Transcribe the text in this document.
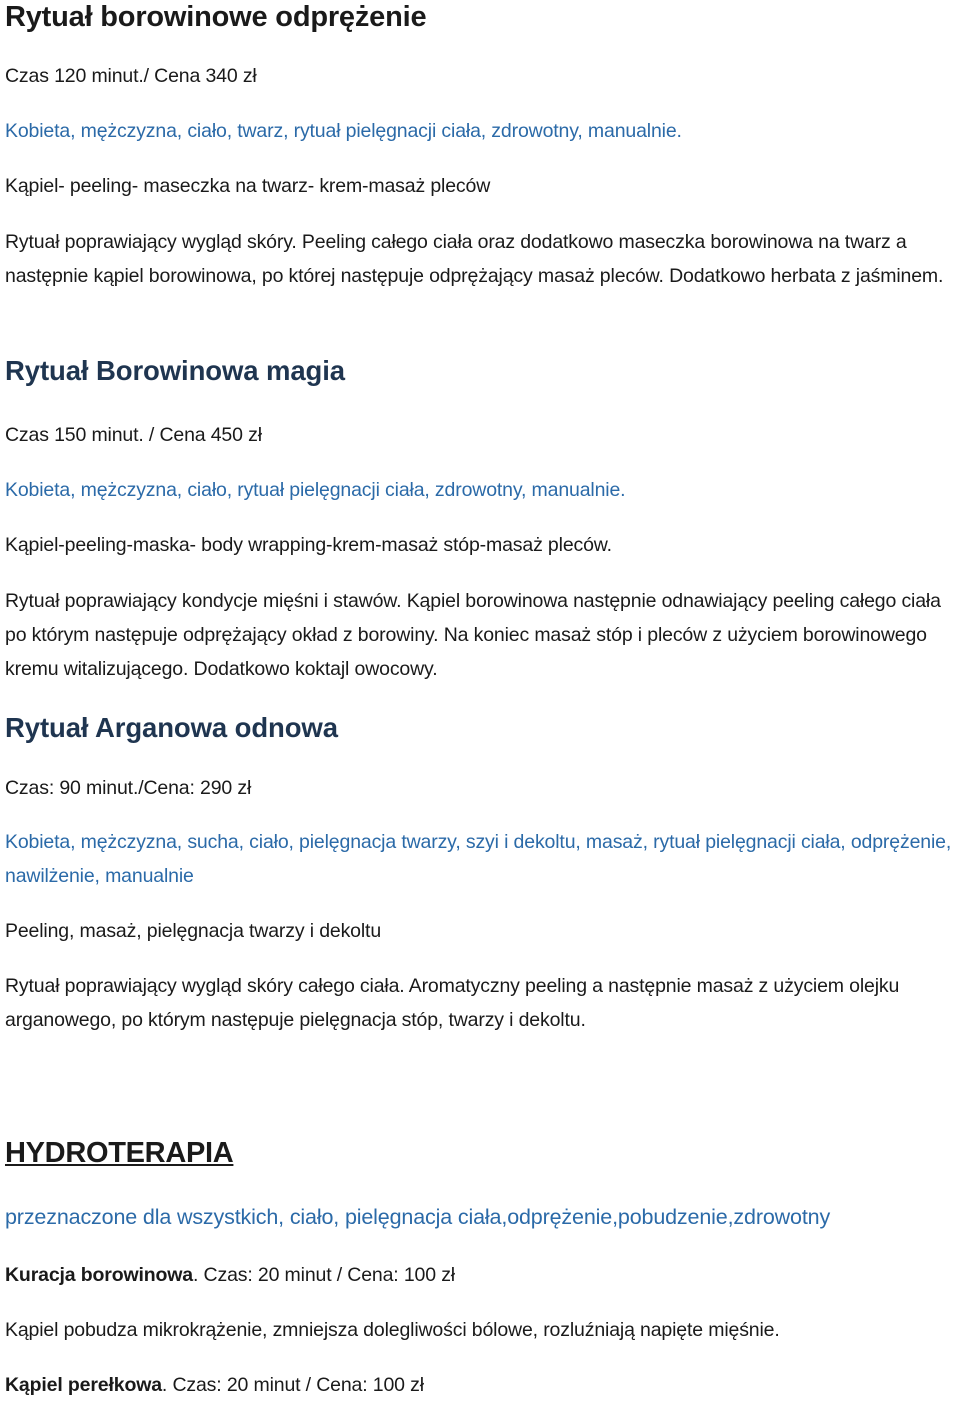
Rytuał borowinowe odprężenie
Czas 120 minut./ Cena 340 zł
Kobieta, mężczyzna, ciało, twarz, rytuał pielęgnacji ciała, zdrowotny, manualnie.
Kąpiel- peeling- maseczka na twarz- krem-masaż pleców
Rytuał poprawiający wygląd skóry. Peeling całego ciała oraz dodatkowo maseczka borowinowa na twarz a następnie kąpiel borowinowa, po której następuje odprężający masaż pleców. Dodatkowo herbata z jaśminem.
Rytuał Borowinowa magia
Czas 150 minut. / Cena 450 zł
Kobieta, mężczyzna, ciało, rytuał pielęgnacji ciała, zdrowotny, manualnie.
Kąpiel-peeling-maska- body wrapping-krem-masaż stóp-masaż pleców.
Rytuał poprawiający kondycje mięśni i stawów. Kąpiel borowinowa następnie odnawiający peeling całego ciała po którym następuje odprężający okład z borowiny. Na koniec masaż stóp i pleców z użyciem borowinowego kremu witalizującego. Dodatkowo koktajl owocowy.
Rytuał Arganowa odnowa
Czas: 90 minut./Cena: 290 zł
Kobieta, mężczyzna, sucha, ciało, pielęgnacja twarzy, szyi i dekoltu, masaż, rytuał pielęgnacji ciała, odprężenie, nawilżenie, manualnie
Peeling, masaż, pielęgnacja twarzy i dekoltu
Rytuał poprawiający wygląd skóry całego ciała. Aromatyczny peeling a następnie masaż z użyciem olejku arganowego, po którym następuje pielęgnacja stóp, twarzy i dekoltu.
HYDROTERAPIA
przeznaczone dla wszystkich, ciało, pielęgnacja ciała,odprężenie,pobudzenie,zdrowotny
Kuracja borowinowa. Czas: 20 minut / Cena: 100 zł
Kąpiel pobudza mikrokrążenie, zmniejsza dolegliwości bólowe, rozluźniają napięte mięśnie.
Kąpiel perełkowa. Czas: 20 minut / Cena: 100 zł
